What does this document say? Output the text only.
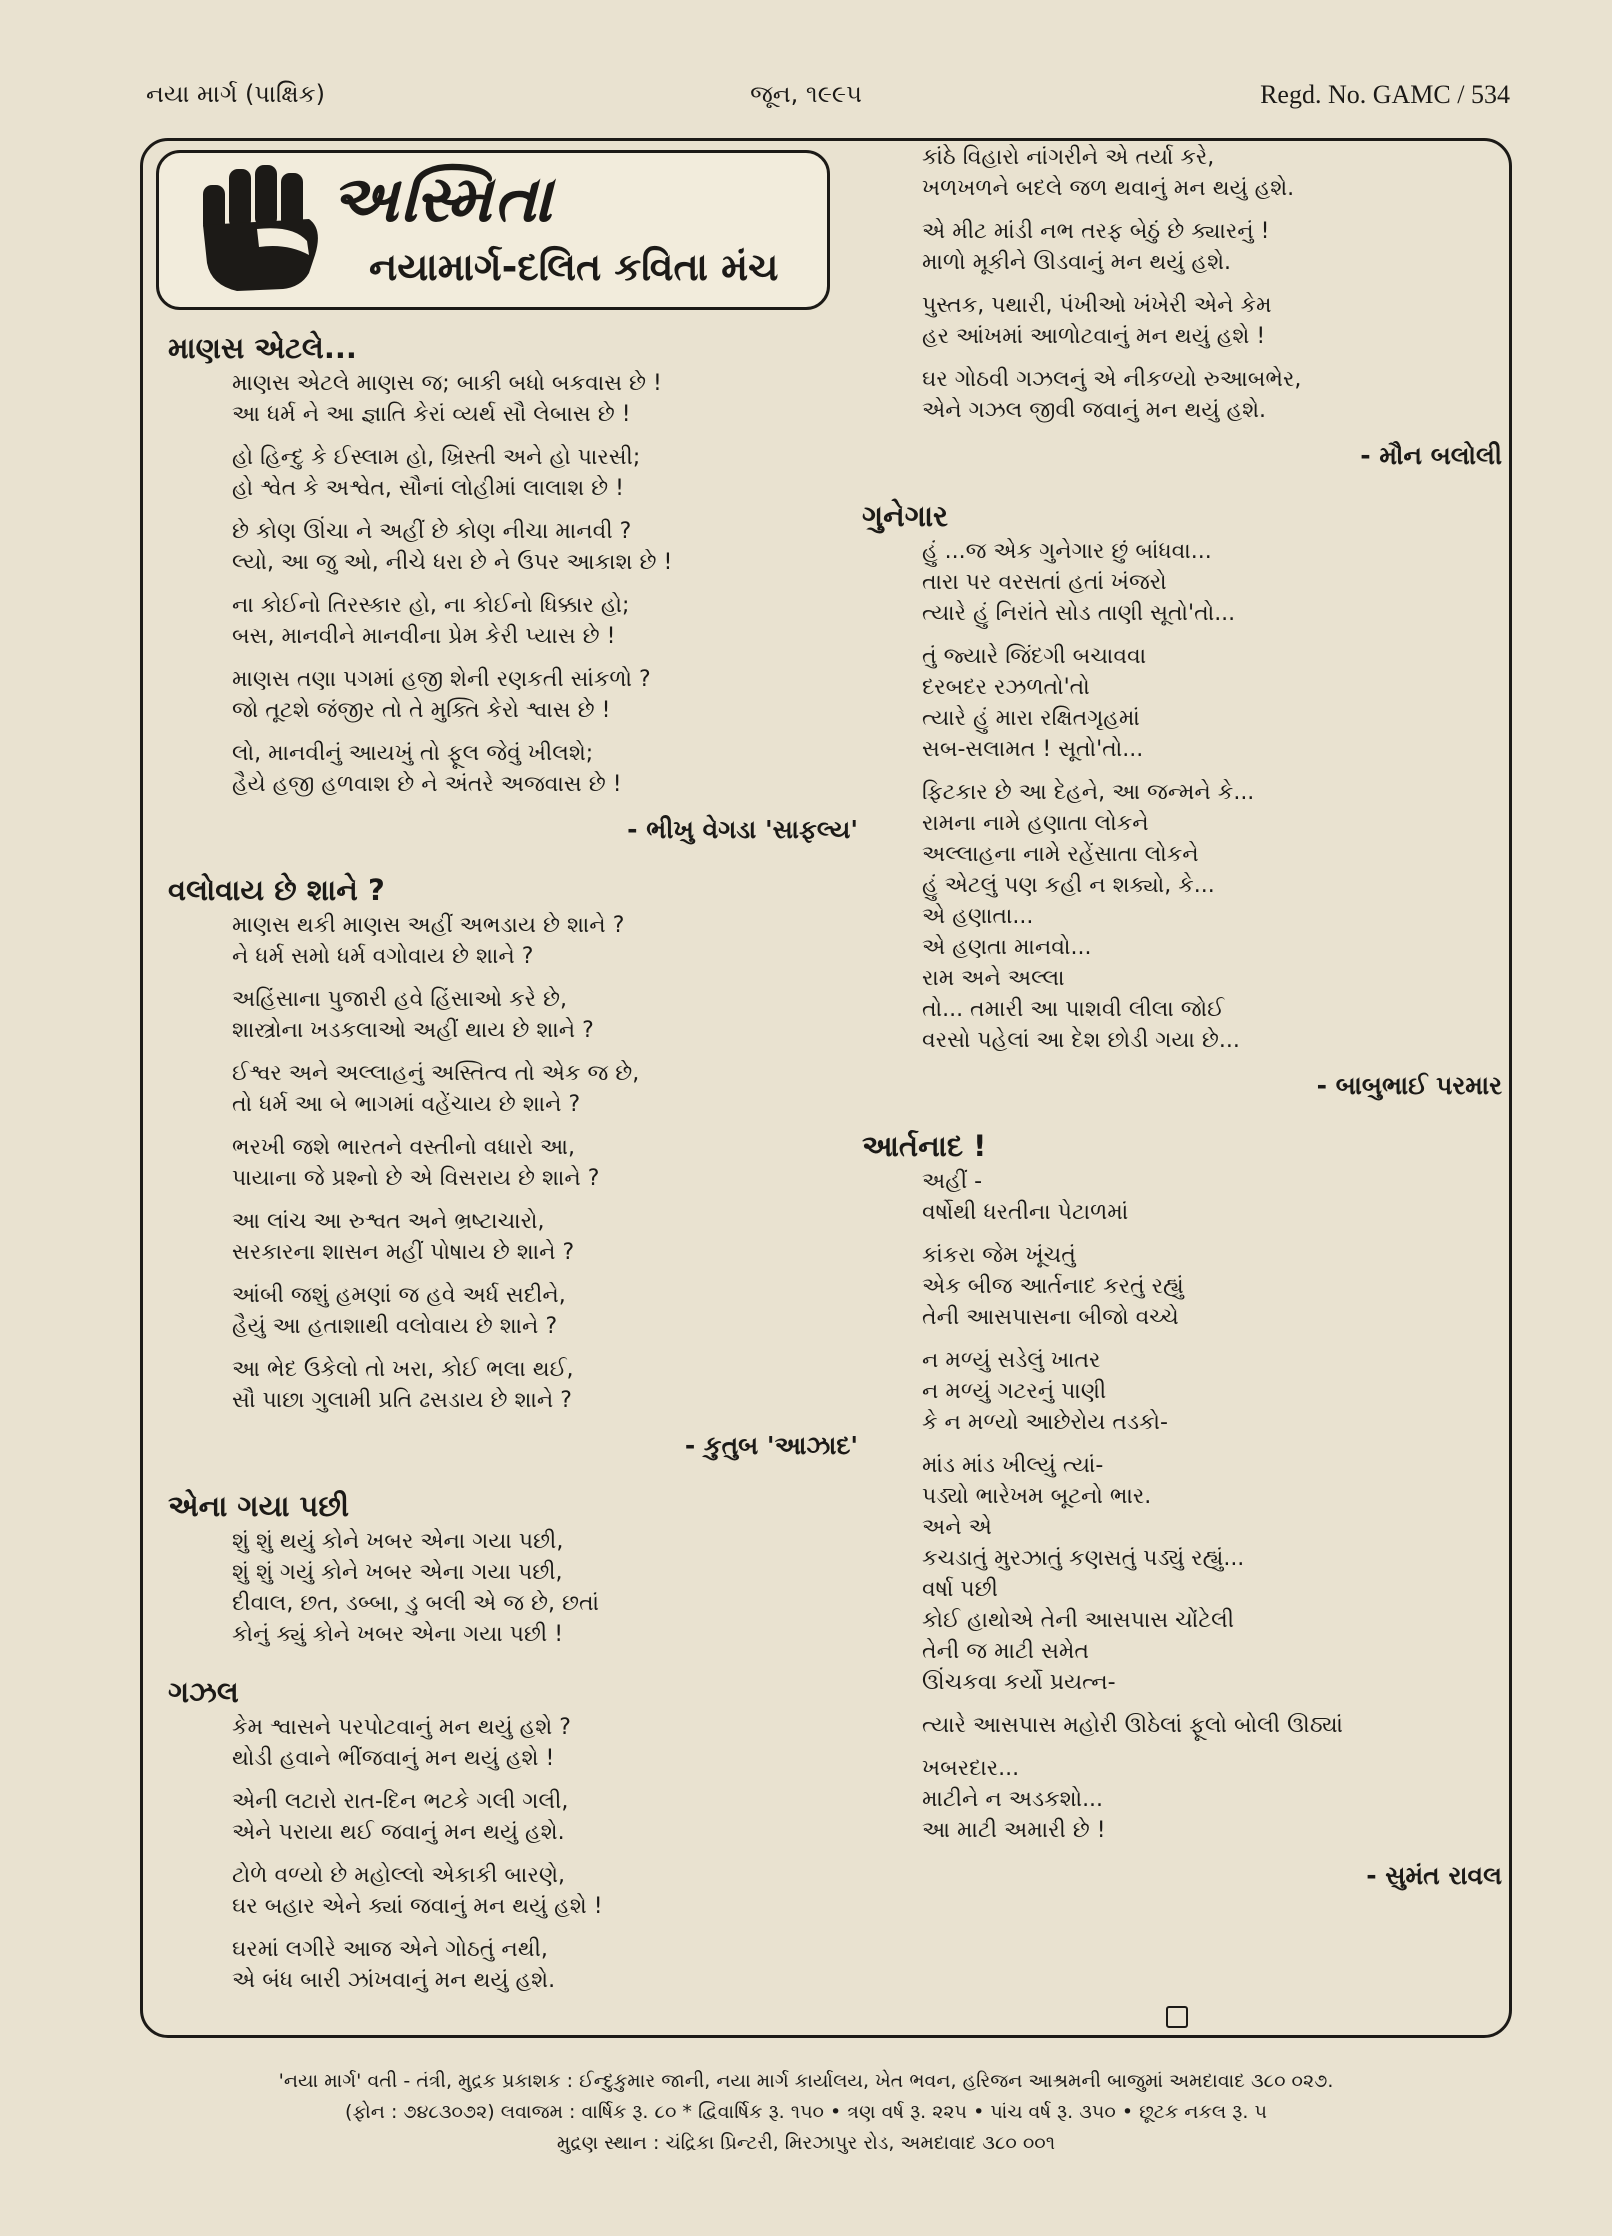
નયા માર્ગ (પાક્ષિક)	જૂન, ૧૯૯૫	Regd. No. GAMC / 534
અસ્મિતા
નયામાર્ગ-દલિત કવિતા મંચ
માણસ એટલે...
માણસ એટલે માણસ જ; બાકી બધો બકવાસ છે !
આ ધર્મ ને આ જ્ઞાતિ કેરાં વ્યર્થ સૌ લેબાસ છે !
હો હિન્દુ કે ઈસ્લામ હો, ખ્રિસ્તી અને હો પારસી;
હો શ્વેત કે અશ્વેત, સૌનાં લોહીમાં લાલાશ છે !
છે કોણ ઊંચા ને અહીં છે કોણ નીચા માનવી ?
લ્યો, આ જુ ઓ, નીચે ધરા છે ને ઉપર આકાશ છે !
ના કોઈનો તિરસ્કાર હો, ના કોઈનો ધિક્કાર હો;
બસ, માનવીને માનવીના પ્રેમ કેરી પ્યાસ છે !
માણસ તણા પગમાં હજી શેની રણકતી સાંકળો ?
જો તૂટશે જંજીર તો તે મુક્તિ કેરો શ્વાસ છે !
લો, માનવીનું આયખું તો ફૂલ જેવું ખીલશે;
હૈયે હજી હળવાશ છે ને અંતરે અજવાસ છે !
- ભીખુ વેગડા 'સાફલ્ય'
વલોવાય છે શાને ?
માણસ થકી માણસ અહીં અભડાય છે શાને ?
ને ધર્મ સમો ધર્મ વગોવાય છે શાને ?
અહિંસાના પુજારી હવે હિંસાઓ કરે છે,
શાસ્ત્રોના ખડકલાઓ અહીં થાય છે શાને ?
ઈશ્વર અને અલ્લાહનું અસ્તિત્વ તો એક જ છે,
તો ધર્મ આ બે ભાગમાં વહેંચાય છે શાને ?
ભરખી જશે ભારતને વસ્તીનો વધારો આ,
પાયાના જે પ્રશ્નો છે એ વિસરાય છે શાને ?
આ લાંચ આ રુશ્વત અને ભ્રષ્ટાચારો,
સરકારના શાસન મહીં પોષાય છે શાને ?
આંબી જશું હમણાં જ હવે અર્ધ સદીને,
હૈયું આ હતાશાથી વલોવાય છે શાને ?
આ ભેદ ઉકેલો તો ખરા, કોઈ ભલા થઈ,
સૌ પાછા ગુલામી પ્રતિ ઢસડાય છે શાને ?
- કુતુબ 'આઝાદ'
એના ગયા પછી
શું શું થયું કોને ખબર એના ગયા પછી,
શું શું ગયું કોને ખબર એના ગયા પછી,
દીવાલ, છત, ડબ્બા, ડુ બલી એ જ છે, છતાં
કોનું ક્યું કોને ખબર એના ગયા પછી !
ગઝલ
કેમ શ્વાસને પરપોટવાનું મન થયું હશે ?
થોડી હવાને ભીંજવાનું મન થયું હશે !
એની લટારો રાત-દિન ભટકે ગલી ગલી,
એને પરાયા થઈ જવાનું મન થયું હશે.
ટોળે વળ્યો છે મહોલ્લો એકાકી બારણે,
ઘર બહાર એને ક્યાં જવાનું મન થયું હશે !
ઘરમાં લગીરે આજ એને ગોઠતું નથી,
એ બંધ બારી ઝાંખવાનું મન થયું હશે.
કાંઠે વિહારો નાંગરીને એ તર્યા કરે,
ખળખળને બદલે જળ થવાનું મન થયું હશે.
એ મીટ માંડી નભ તરફ બેઠું છે ક્યારનું !
માળો મૂકીને ઊડવાનું મન થયું હશે.
પુસ્તક, પથારી, પંખીઓ ખંખેરી એને કેમ
હર આંખમાં આળોટવાનું મન થયું હશે !
ઘર ગોઠવી ગઝલનું એ નીકળ્યો રુઆબભેર,
એને ગઝલ જીવી જવાનું મન થયું હશે.
- મૌન બલોલી
ગુનેગાર
હું ...જ એક ગુનેગાર છું બાંધવા...
તારા પર વરસતાં હતાં ખંજરો
ત્યારે હું નિરાંતે સોડ તાણી સૂતો'તો...
તું જ્યારે જિંદગી બચાવવા
દરબદર રઝળતો'તો
ત્યારે હું મારા રક્ષિતગૃહમાં
સબ-સલામત ! સૂતો'તો...
ફિટકાર છે આ દેહને, આ જન્મને કે...
રામના નામે હણાતા લોકને
અલ્લાહના નામે રહેંસાતા લોકને
હું એટલું પણ કહી ન શક્યો, કે...
એ હણાતા...
એ હણતા માનવો...
રામ અને અલ્લા
તો... તમારી આ પાશવી લીલા જોઈ
વરસો પહેલાં આ દેશ છોડી ગયા છે...
- બાબુભાઈ પરમાર
આર્તનાદ !
અહીં -
વર્ષોથી ધરતીના પેટાળમાં
કાંકરા જેમ ખૂંચતું
એક બીજ આર્તનાદ કરતું રહ્યું
તેની આસપાસના બીજો વચ્ચે
ન મળ્યું સડેલું ખાતર
ન મળ્યું ગટરનું પાણી
કે ન મળ્યો આછેરોય તડકો-
માંડ માંડ ખીલ્યું ત્યાં-
પડ્યો ભારેખમ બૂટનો ભાર.
અને એ
કચડાતું મુરઝાતું કણસતું પડ્યું રહ્યું...
વર્ષા પછી
કોઈ હાથોએ તેની આસપાસ ચોંટેલી
તેની જ માટી સમેત
ઊંચકવા કર્યો પ્રયત્ન-
ત્યારે આસપાસ મહોરી ઊઠેલાં ફૂલો બોલી ઊઠ્યાં
ખબરદાર...
માટીને ન અડકશો...
આ માટી અમારી છે !
- સુમંત રાવલ
'નયા માર્ગ' વતી - તંત્રી, મુદ્રક પ્રકાશક : ઈન્દુકુમાર જાની, નયા માર્ગ કાર્યાલય, ખેત ભવન, હરિજન આશ્રમની બાજુમાં અમદાવાદ ૩૮૦ ૦૨૭.
(ફોન : ૭૪૮૩૦૭૨) લવાજમ : વાર્ષિક રૂ. ૮૦ * દ્વિવાર્ષિક રૂ. ૧૫૦ • ત્રણ વર્ષ રૂ. ૨૨૫ • પાંચ વર્ષ રૂ. ૩૫૦ • છૂટક નકલ રૂ. ૫
મુદ્રણ સ્થાન : ચંદ્રિકા પ્રિન્ટરી, મિરઝાપુર રોડ, અમદાવાદ ૩૮૦ ૦૦૧
